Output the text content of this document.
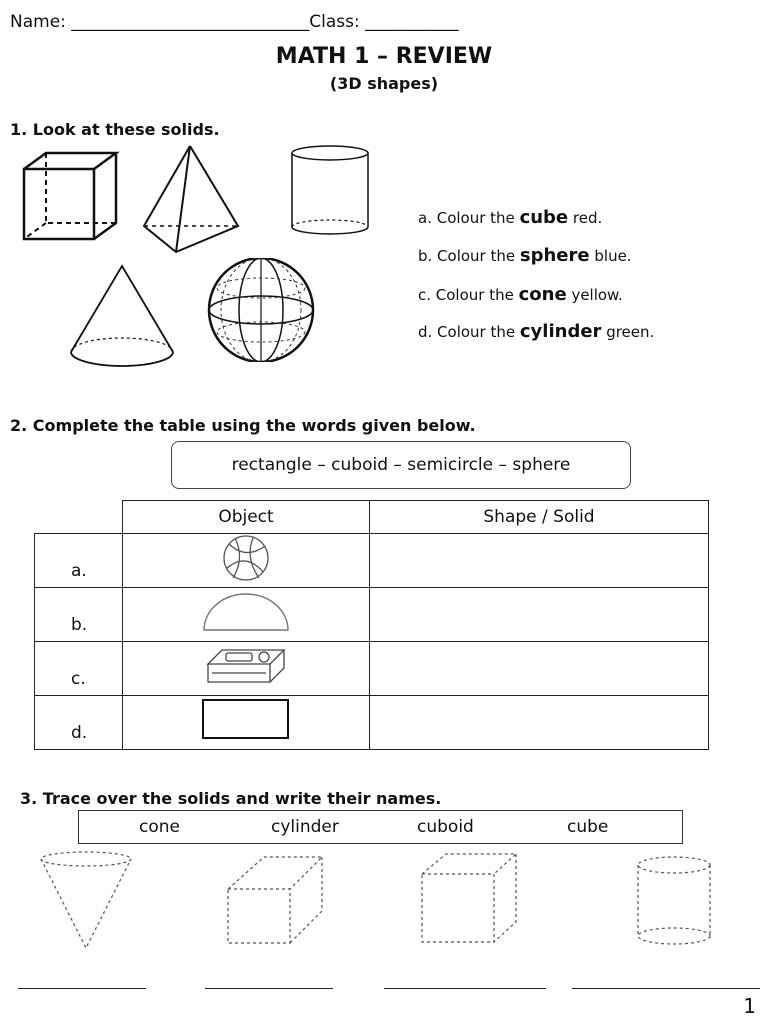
Name: ____________________________Class: ___________
MATH 1 – REVIEW
(3D shapes)
1. Look at these solids.
a. Colour the cube red.
b. Colour the sphere blue.
c. Colour the cone yellow.
d. Colour the cylinder green.
2. Complete the table using the words given below.
rectangle – cuboid – semicircle – sphere
	Object	Shape / Solid
a.		
b.		
c.		
d.		
3. Trace over the solids and write their names.
cone	cylinder	cuboid	cube
1
